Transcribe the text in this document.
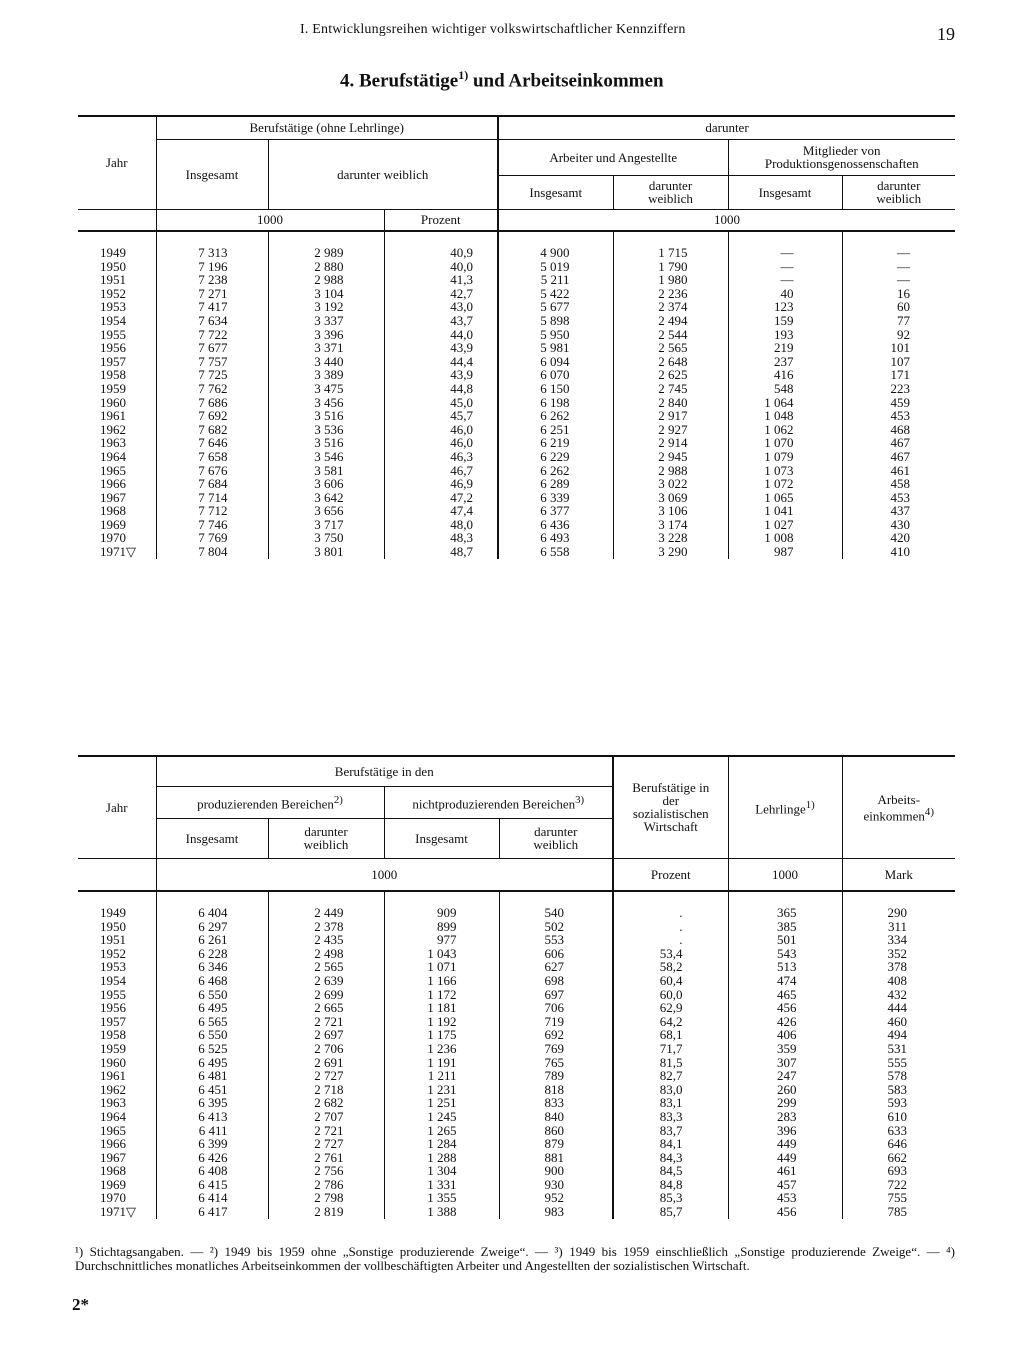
I. Entwicklungsreihen wichtiger volkswirtschaftlicher Kennziffern	19
4. Berufstätige$^{1)}$ und Arbeitseinkommen
Jahr	Berufstätige (ohne Lehrlinge)			darunter			
	Insgesamt	darunter weiblich		Arbeiter und Angestellte		Mitglieder von Produktionsgenossenschaften	
				Insgesamt	darunter weiblich	Insgesamt	darunter weiblich
	1000		Prozent	1000			
1949	7 313	2 989	40,9	4 900	1 715	—	—
1950	7 196	2 880	40,0	5 019	1 790	—	—
1951	7 238	2 988	41,3	5 211	1 980	—	—
1952	7 271	3 104	42,7	5 422	2 236	40	16
1953	7 417	3 192	43,0	5 677	2 374	123	60
1954	7 634	3 337	43,7	5 898	2 494	159	77
1955	7 722	3 396	44,0	5 950	2 544	193	92
1956	7 677	3 371	43,9	5 981	2 565	219	101
1957	7 757	3 440	44,4	6 094	2 648	237	107
1958	7 725	3 389	43,9	6 070	2 625	416	171
1959	7 762	3 475	44,8	6 150	2 745	548	223
1960	7 686	3 456	45,0	6 198	2 840	1 064	459
1961	7 692	3 516	45,7	6 262	2 917	1 048	453
1962	7 682	3 536	46,0	6 251	2 927	1 062	468
1963	7 646	3 516	46,0	6 219	2 914	1 070	467
1964	7 658	3 546	46,3	6 229	2 945	1 079	467
1965	7 676	3 581	46,7	6 262	2 988	1 073	461
1966	7 684	3 606	46,9	6 289	3 022	1 072	458
1967	7 714	3 642	47,2	6 339	3 069	1 065	453
1968	7 712	3 656	47,4	6 377	3 106	1 041	437
1969	7 746	3 717	48,0	6 436	3 174	1 027	430
1970	7 769	3 750	48,3	6 493	3 228	1 008	420
1971▽	7 804	3 801	48,7	6 558	3 290	987	410
Jahr	Berufstätige in den				Berufstätige in der sozialistischen Wirtschaft	Lehrlinge$^{1)}$	Arbeits-einkommen$^{4)}$
	produzierenden Bereichen$^{2)}$		nichtproduzierenden Bereichen$^{3)}$
	Insgesamt	darunter weiblich	Insgesamt	darunter weiblich			
	1000				Prozent	1000	Mark
1949	6 404	2 449	909	540	.	365	290
1950	6 297	2 378	899	502	.	385	311
1951	6 261	2 435	977	553	.	501	334
1952	6 228	2 498	1 043	606	53,4	543	352
1953	6 346	2 565	1 071	627	58,2	513	378
1954	6 468	2 639	1 166	698	60,4	474	408
1955	6 550	2 699	1 172	697	60,0	465	432
1956	6 495	2 665	1 181	706	62,9	456	444
1957	6 565	2 721	1 192	719	64,2	426	460
1958	6 550	2 697	1 175	692	68,1	406	494
1959	6 525	2 706	1 236	769	71,7	359	531
1960	6 495	2 691	1 191	765	81,5	307	555
1961	6 481	2 727	1 211	789	82,7	247	578
1962	6 451	2 718	1 231	818	83,0	260	583
1963	6 395	2 682	1 251	833	83,1	299	593
1964	6 413	2 707	1 245	840	83,3	283	610
1965	6 411	2 721	1 265	860	83,7	396	633
1966	6 399	2 727	1 284	879	84,1	449	646
1967	6 426	2 761	1 288	881	84,3	449	662
1968	6 408	2 756	1 304	900	84,5	461	693
1969	6 415	2 786	1 331	930	84,8	457	722
1970	6 414	2 798	1 355	952	85,3	453	755
1971▽	6 417	2 819	1 388	983	85,7	456	785
¹) Stichtagsangaben. — ²) 1949 bis 1959 ohne „Sonstige produzierende Zweige“. — ³) 1949 bis 1959 einschließlich „Sonstige produzierende Zweige“. — ⁴) Durchschnittliches monatliches Arbeitseinkommen der vollbeschäftigten Arbeiter und Angestellten der sozialistischen Wirtschaft.
2*
